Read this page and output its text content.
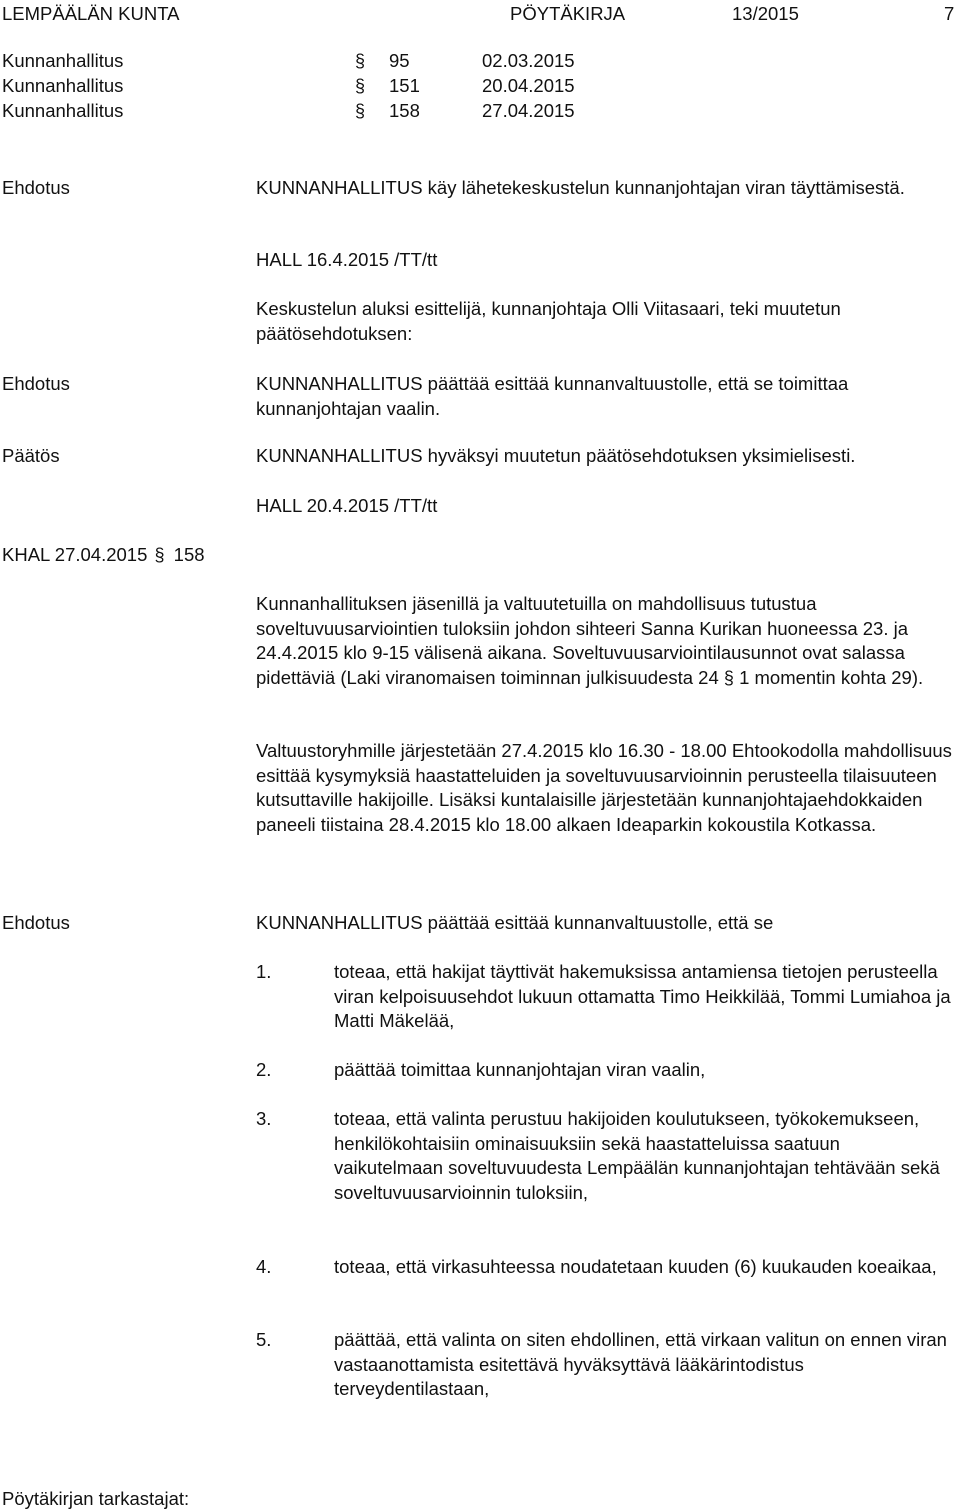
LEMPÄÄLÄN KUNTA	PÖYTÄKIRJA	13/2015	7
Kunnanhallitus	§ 95	02.03.2015
Kunnanhallitus	§ 151	20.04.2015
Kunnanhallitus	§ 158	27.04.2015
Ehdotus	KUNNANHALLITUS käy lähetekeskustelun kunnanjohtajan viran täyttämisestä.
HALL 16.4.2015 /TT/tt
Keskustelun aluksi esittelijä, kunnanjohtaja Olli Viitasaari, teki muutetun päätösehdotuksen:
Ehdotus	KUNNANHALLITUS päättää esittää kunnanvaltuustolle, että se toimittaa kunnanjohtajan vaalin.
Päätös	KUNNANHALLITUS hyväksyi muutetun päätösehdotuksen yksimielisesti.
HALL 20.4.2015 /TT/tt
KHAL 27.04.2015 § 158
Kunnanhallituksen jäsenillä ja valtuutetuilla on mahdollisuus tutustua soveltuvuusarviointien tuloksiin johdon sihteeri Sanna Kurikan huoneessa 23. ja 24.4.2015 klo 9-15 välisenä aikana. Soveltuvuusarviointilausunnot ovat salassa pidettäviä (Laki viranomaisen toiminnan julkisuudesta 24 § 1 momentin kohta 29).
Valtuustoryhmille järjestetään 27.4.2015 klo 16.30 - 18.00 Ehtookodolla mahdollisuus esittää kysymyksiä haastatteluiden ja soveltuvuusarvioinnin perusteella tilaisuuteen kutsuttaville hakijoille. Lisäksi kuntalaisille järjestetään kunnanjohtajaehdokkaiden paneeli tiistaina 28.4.2015 klo 18.00 alkaen Ideaparkin kokoustila Kotkassa.
Ehdotus	KUNNANHALLITUS päättää esittää kunnanvaltuustolle, että se
1.	toteaa, että hakijat täyttivät hakemuksissa antamiensa tietojen perusteella viran kelpoisuusehdot lukuun ottamatta Timo Heikkilää, Tommi Lumiahoa ja Matti Mäkelää,
2.	päättää toimittaa kunnanjohtajan viran vaalin,
3.	toteaa, että valinta perustuu hakijoiden koulutukseen, työkokemukseen, henkilökohtaisiin ominaisuuksiin sekä haastatteluissa saatuun vaikutelmaan soveltuvuudesta Lempäälän kunnanjohtajan tehtävään sekä soveltuvuusarvioinnin tuloksiin,
4.	toteaa, että virkasuhteessa noudatetaan kuuden (6) kuukauden koeaikaa,
5.	päättää, että valinta on siten ehdollinen, että virkaan valitun on ennen viran vastaanottamista esitettävä hyväksyttävä lääkärintodistus terveydentilastaan,
Pöytäkirjan tarkastajat:
